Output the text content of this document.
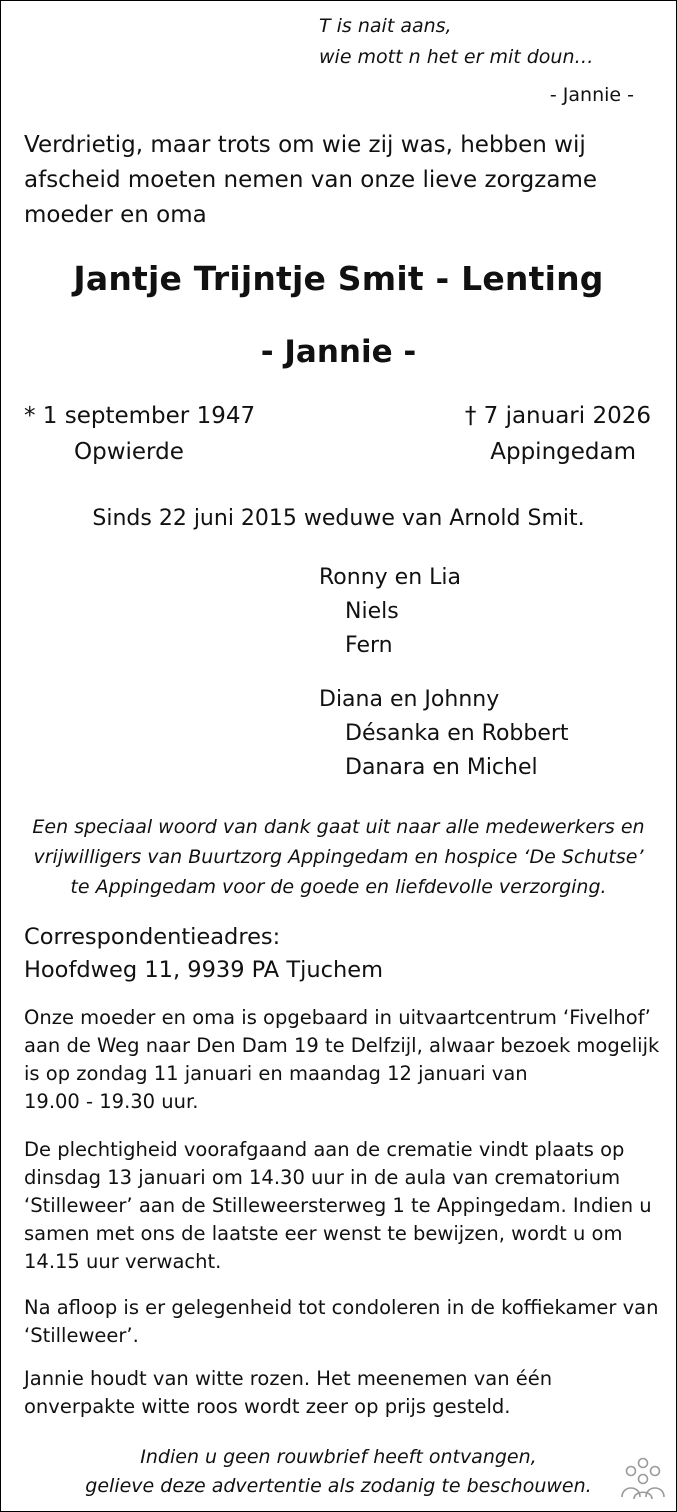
T is nait aans,
wie mott n het er mit doun…
- Jannie -
Verdrietig, maar trots om wie zij was, hebben wij
afscheid moeten nemen van onze lieve zorgzame
moeder en oma
Jantje Trijntje Smit - Lenting
- Jannie -
* 1 september 1947
Opwierde
† 7 januari 2026
Appingedam
Sinds 22 juni 2015 weduwe van Arnold Smit.
Ronny en Lia
Niels
Fern
Diana en Johnny
Désanka en Robbert
Danara en Michel
Een speciaal woord van dank gaat uit naar alle medewerkers en
vrijwilligers van Buurtzorg Appingedam en hospice ‘De Schutse’
te Appingedam voor de goede en liefdevolle verzorging.
Correspondentieadres:
Hoofdweg 11, 9939 PA Tjuchem
Onze moeder en oma is opgebaard in uitvaartcentrum ‘Fivelhof’
aan de Weg naar Den Dam 19 te Delfzijl, alwaar bezoek mogelijk
is op zondag 11 januari en maandag 12 januari van
19.00 - 19.30 uur.
De plechtigheid voorafgaand aan de crematie vindt plaats op
dinsdag 13 januari om 14.30 uur in de aula van crematorium
‘Stilleweer’ aan de Stilleweersterweg 1 te Appingedam. Indien u
samen met ons de laatste eer wenst te bewijzen, wordt u om
14.15 uur verwacht.
Na afloop is er gelegenheid tot condoleren in de koffiekamer van
‘Stilleweer’.
Jannie houdt van witte rozen. Het meenemen van één
onverpakte witte roos wordt zeer op prijs gesteld.
Indien u geen rouwbrief heeft ontvangen,
gelieve deze advertentie als zodanig te beschouwen.
